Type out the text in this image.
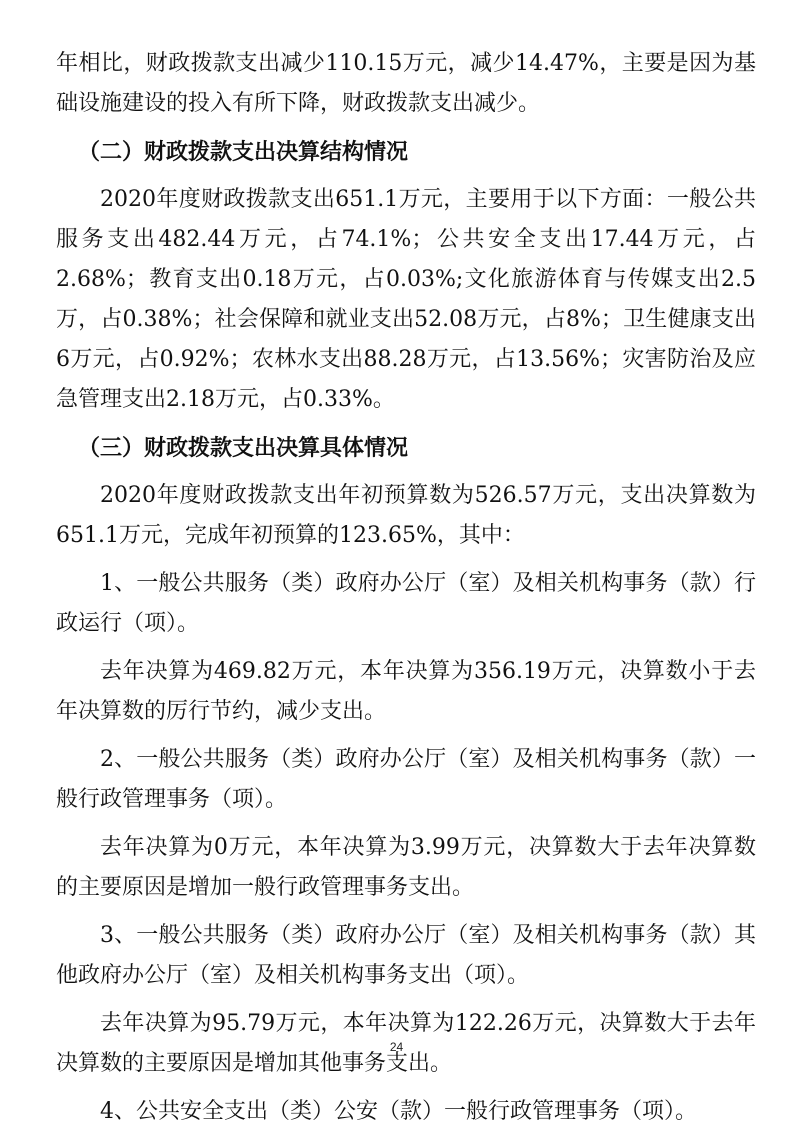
年相比，财政拨款支出减少110.15万元，减少14.47%，主要是因为基础设施建设的投入有所下降，财政拨款支出减少。

（二）财政拨款支出决算结构情况

2020年度财政拨款支出651.1万元，主要用于以下方面：一般公共服务支出482.44万元，占74.1%；公共安全支出17.44万元，占2.68%；教育支出0.18万元，占0.03%;文化旅游体育与传媒支出2.5万，占0.38%；社会保障和就业支出52.08万元，占8%；卫生健康支出6万元，占0.92%；农林水支出88.28万元，占13.56%；灾害防治及应急管理支出2.18万元，占0.33%。

（三）财政拨款支出决算具体情况

2020年度财政拨款支出年初预算数为526.57万元，支出决算数为651.1万元，完成年初预算的123.65%，其中：

1、一般公共服务（类）政府办公厅（室）及相关机构事务（款）行政运行（项）。

去年决算为469.82万元，本年决算为356.19万元，决算数小于去年决算数的厉行节约，减少支出。

2、一般公共服务（类）政府办公厅（室）及相关机构事务（款）一般行政管理事务（项）。

去年决算为0万元，本年决算为3.99万元，决算数大于去年决算数的主要原因是增加一般行政管理事务支出。

3、一般公共服务（类）政府办公厅（室）及相关机构事务（款）其他政府办公厅（室）及相关机构事务支出（项）。

去年决算为95.79万元，本年决算为122.26万元，决算数大于去年决算数的主要原因是增加其他事务支出。

4、公共安全支出（类）公安（款）一般行政管理事务（项）。

24
